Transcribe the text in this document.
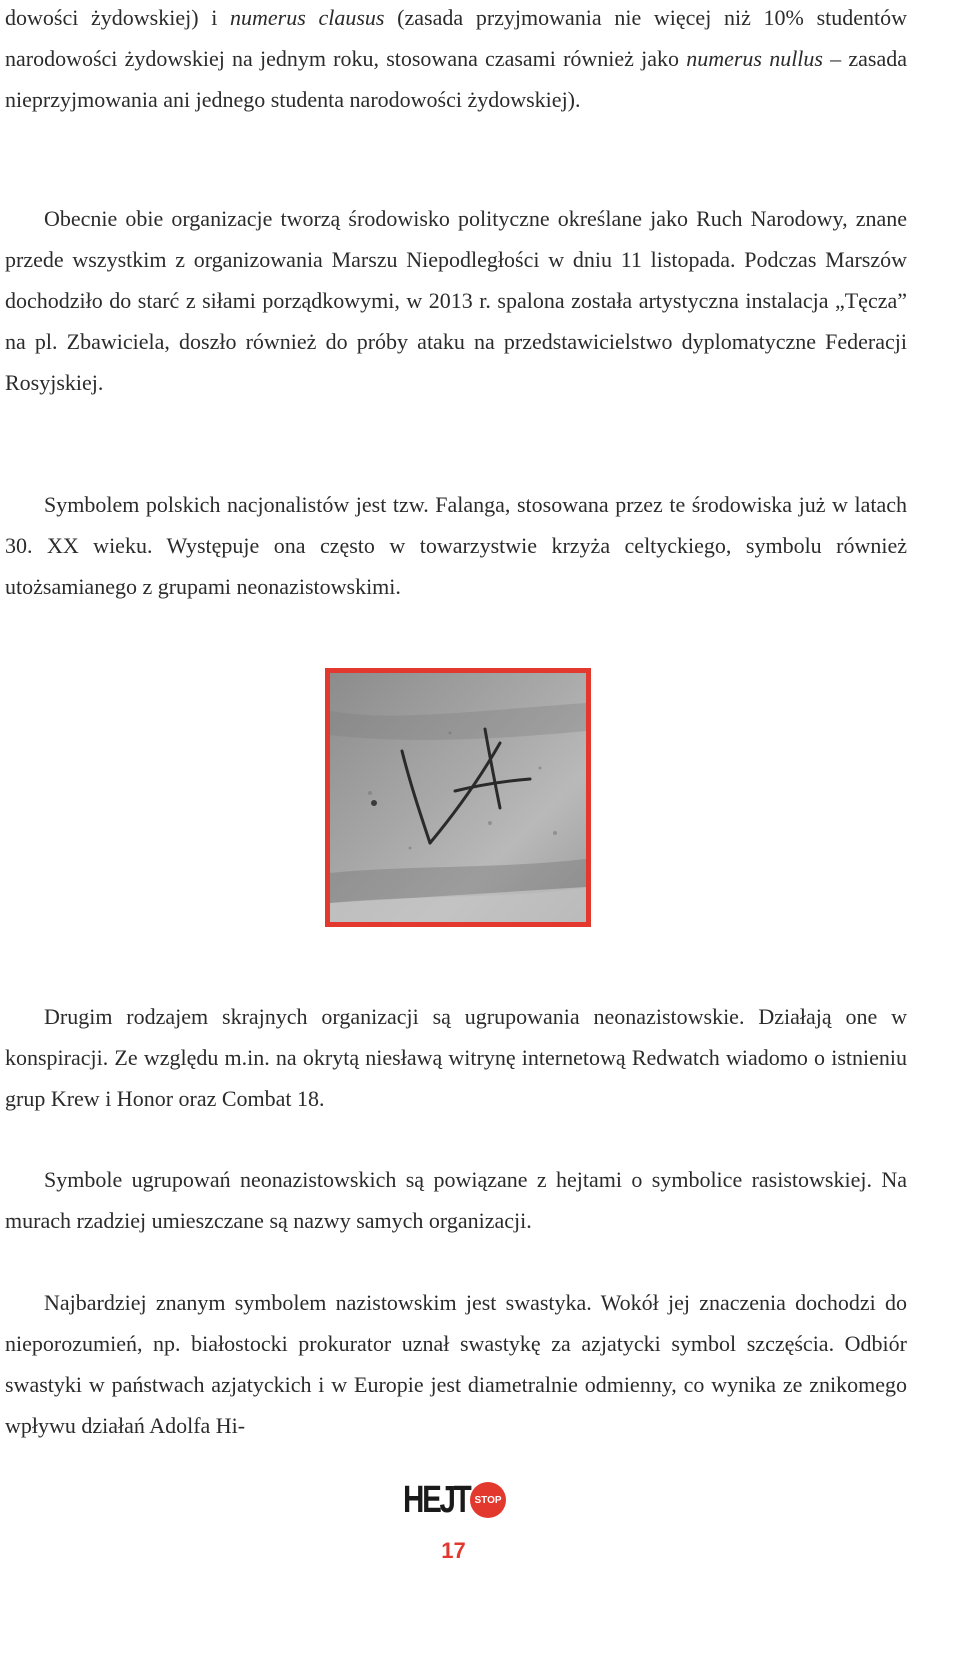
dowości żydowskiej) i numerus clausus (zasada przyjmowania nie więcej niż 10% studentów narodowości żydowskiej na jednym roku, stosowana czasami również jako numerus nullus – zasada nieprzyjmowania ani jednego studenta narodowości żydowskiej).

Obecnie obie organizacje tworzą środowisko polityczne określane jako Ruch Narodowy, znane przede wszystkim z organizowania Marszu Niepodległości w dniu 11 listopada. Podczas Marszów dochodziło do starć z siłami porządkowymi, w 2013 r. spalona została artystyczna instalacja „Tęcza” na pl. Zbawiciela, doszło również do próby ataku na przedstawicielstwo dyplomatyczne Federacji Rosyjskiej.

Symbolem polskich nacjonalistów jest tzw. Falanga, stosowana przez te środowiska już w latach 30. XX wieku. Występuje ona często w towarzystwie krzyża celtyckiego, symbolu również utożsamianego z grupami neonazistowskimi.

Drugim rodzajem skrajnych organizacji są ugrupowania neonazistowskie. Działają one w konspiracji. Ze względu m.in. na okrytą niesławą witrynę internetową Redwatch wiadomo o istnieniu grup Krew i Honor oraz Combat 18.

Symbole ugrupowań neonazistowskich są powiązane z hejtami o symbolice rasistowskiej. Na murach rzadziej umieszczane są nazwy samych organizacji.

Najbardziej znanym symbolem nazistowskim jest swastyka. Wokół jej znaczenia dochodzi do nieporozumień, np. białostocki prokurator uznał swastykę za azjatycki symbol szczęścia. Odbiór swastyki w państwach azjatyckich i w Europie jest diametralnie odmienny, co wynika ze znikomego wpływu działań Adolfa Hi-

HEJT STOP
17
